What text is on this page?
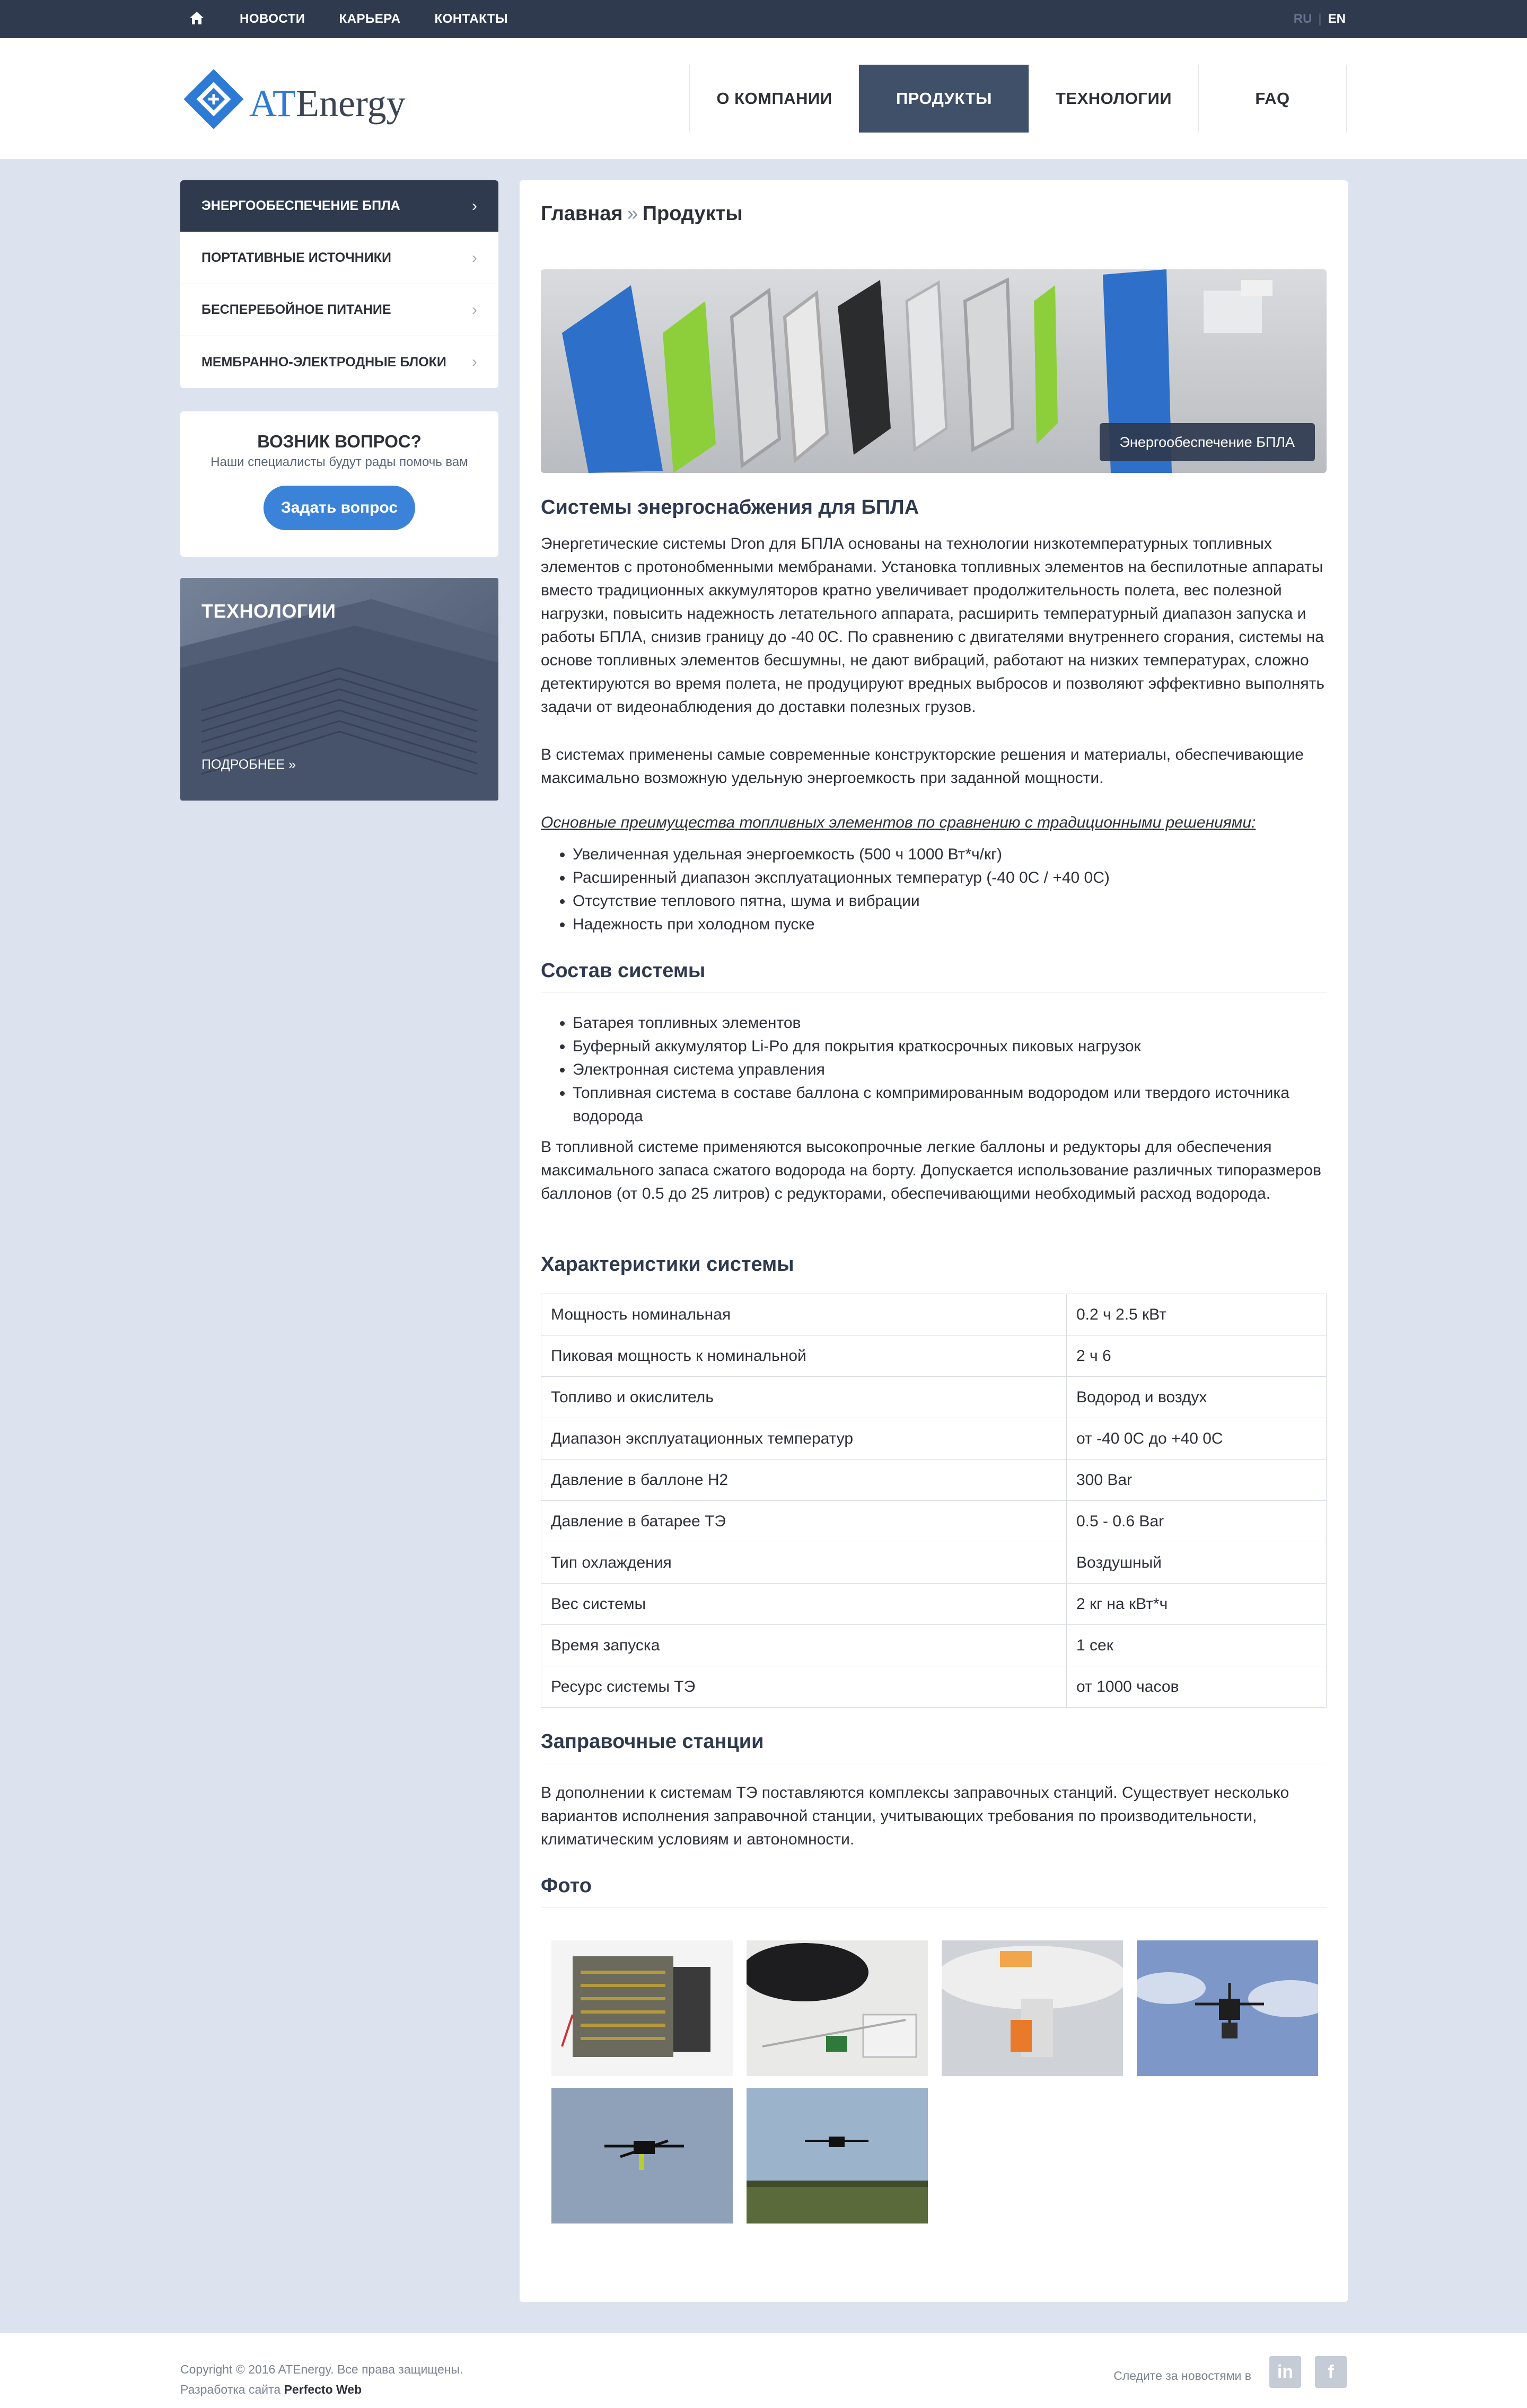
НОВОСТИ	КАРЬЕРА	КОНТАКТЫ	RU | EN
ATEnergy	О КОМПАНИИ	ПРОДУКТЫ	ТЕХНОЛОГИИ	FAQ
ЭНЕРГООБЕСПЕЧЕНИЕ БПЛА	›
ПОРТАТИВНЫЕ ИСТОЧНИКИ	›
БЕСПЕРЕБОЙНОЕ ПИТАНИЕ	›
МЕМБРАННО-ЭЛЕКТРОДНЫЕ БЛОКИ ›
ВОЗНИК ВОПРОС?
Наши специалисты будут рады помочь вам
Задать вопрос
ТЕХНОЛОГИИ
ПОДРОБНЕЕ »
Главная » Продукты
Энергообеспечение БПЛА
Системы энергоснабжения для БПЛА
Энергетические системы Dron для БПЛА основаны на технологии низкотемпературных топливных элементов с протонобменными мембранами. Установка топливных элементов на беспилотные аппараты вместо традиционных аккумуляторов кратно увеличивает продолжительность полета, вес полезной нагрузки, повысить надежность летательного аппарата, расширить температурный диапазон запуска и работы БПЛА, снизив границу до -40 0С. По сравнению с двигателями внутреннего сгорания, системы на основе топливных элементов бесшумны, не дают вибраций, работают на низких температурах, сложно детектируются во время полета, не продуцируют вредных выбросов и позволяют эффективно выполнять задачи от видеонаблюдения до доставки полезных грузов.
В системах применены самые современные конструкторские решения и материалы, обеспечивающие максимально возможную удельную энергоемкость при заданной мощности.
Основные преимущества топливных элементов по сравнению с традиционными решениями:
• Увеличенная удельная энергоемкость (500 ч 1000 Вт*ч/кг)
• Расширенный диапазон эксплуатационных температур (-40 0С / +40 0С)
• Отсутствие теплового пятна, шума и вибрации
• Надежность при холодном пуске
Состав системы
• Батарея топливных элементов
• Буферный аккумулятор Li-Po для покрытия краткосрочных пиковых нагрузок
• Электронная система управления
• Топливная система в составе баллона с компримированным водородом или твердого источника водорода
В топливной системе применяются высокопрочные легкие баллоны и редукторы для обеспечения максимального запаса сжатого водорода на борту. Допускается использование различных типоразмеров баллонов (от 0.5 до 25 литров) с редукторами, обеспечивающими необходимый расход водорода.
Характеристики системы
Мощность номинальная	0.2 ч 2.5 кВт
Пиковая мощность к номинальной	2 ч 6
Топливо и окислитель	Водород и воздух
Диапазон эксплуатационных температур	от -40 0С до +40 0С
Давление в баллоне Н2	300 Bar
Давление в батарее ТЭ	0.5 - 0.6 Bar
Тип охлаждения	Воздушный
Вес системы	2 кг на кВт*ч
Время запуска	1 сек
Ресурс системы ТЭ	от 1000 часов
Заправочные станции
В дополнении к системам ТЭ поставляются комплексы заправочных станций. Существует несколько вариантов исполнения заправочной станции, учитывающих требования по производительности, климатическим условиям и автономности.
Фото
Copyright © 2016 ATEnergy. Все права защищены.
Разработка сайта Perfecto Web
Следите за новостями в	in	f
